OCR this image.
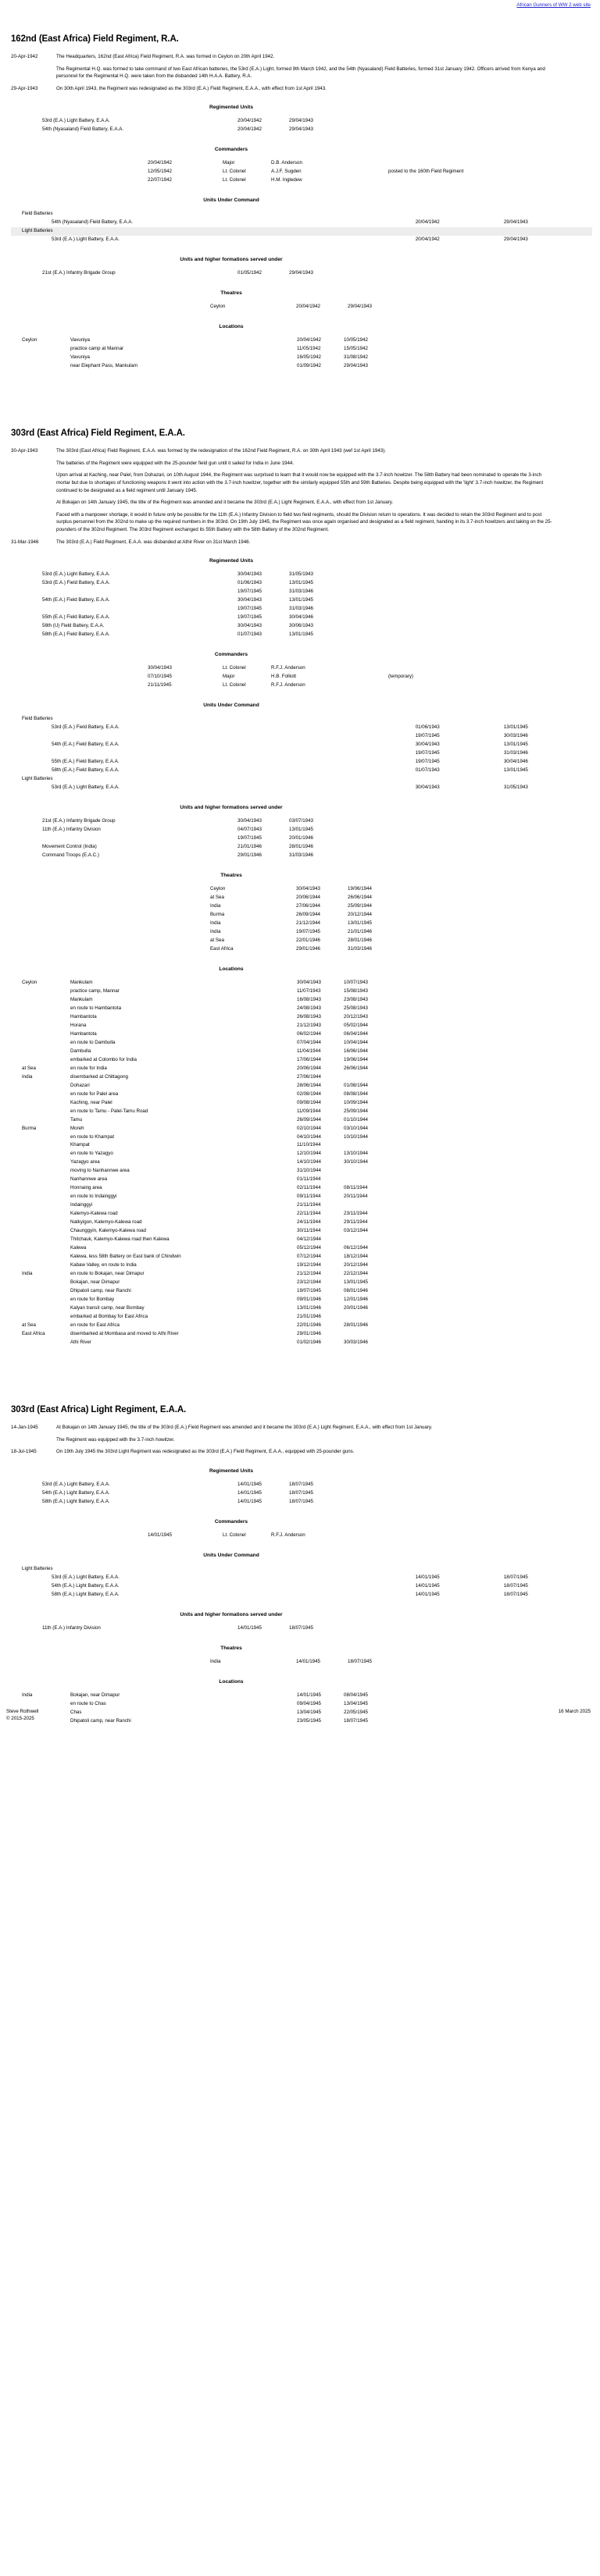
African Gunners of WW 2 web site
162nd (East Africa) Field Regiment, R.A.
20-Apr-1942	The Headquarters, 162nd (East Africa) Field Regiment, R.A. was formed in Ceylon on 20th April 1942.

The Regimental H.Q. was formed to take command of two East African batteries, the 53rd (E.A.) Light, formed 9th March 1942, and the 54th (Nyasaland) Field Batteries, formed 31st January 1942. Officers arrived from Kenya and personnel for the Regimental H.Q. were taken from the disbanded 14th H.A.A. Battery, R.A.

29-Apr-1943	On 30th April 1943, the Regiment was redesignated as the 303rd (E.A.) Field Regiment, E.A.A., with effect from 1st April 1943.

Regimented Units
53rd (E.A.) Light Battery, E.A.A.	20/04/1942	29/04/1943
54th (Nyasaland) Field Battery, E.A.A.	20/04/1942	29/04/1943
Commanders
20/04/1942	Major	D.B. Anderson	
12/05/1942	Lt. Colonel	A.J.F. Sugden	posted to the 160th Field Regiment
22/07/1942	Lt. Colonel	H.M. Ingledew	
Units Under Command
Field Batteries		
54th (Nyasaland) Field Battery, E.A.A.	20/04/1942	29/04/1943
Light Batteries		
53rd (E.A.) Light Battery, E.A.A.	20/04/1942	29/04/1943
Units and higher formations served under
21st (E.A.) Infantry Brigade Group	01/05/1942	29/04/1943
Theatres
Ceylon	20/04/1942	29/04/1943
Locations
Ceylon	Vavuniya	20/04/1942	10/05/1942
	practice camp at Mannar	11/05/1942	15/05/1942
	Vavuniya	16/05/1942	31/08/1942
	near Elephant Pass, Mankulam	01/09/1942	29/04/1943
303rd (East Africa) Field Regiment, E.A.A.
30-Apr-1943	The 303rd (East Africa) Field Regiment, E.A.A. was formed by the redesignation of the 162nd Field Regiment, R.A. on 30th April 1943 (wef 1st April 1943).

The batteries of the Regiment were equipped with the 25-pounder field gun until it sailed for India in June 1944.

Upon arrival at Kaching, near Palel, from Dohazari, on 10th August 1944, the Regiment was surprised to learn that it would now be equipped with the 3.7-inch howitzer. The 58th Battery had been nominated to operate the 3-inch mortar but due to shortages of functioning weapons it went into action with the 3.7-inch howitzer, together with the similarly equipped 55th and 59th Batteries. Despite being equipped with the 'light' 3.7-inch howitzer, the Regiment continued to be designated as a field regiment until January 1945.

At Bokajan on 14th January 1945, the title of the Regiment was amended and it became the 303rd (E.A.) Light Regiment, E.A.A., with effect from 1st January.

Faced with a manpower shortage, it would in future only be possible for the 11th (E.A.) Infantry Division to field two field regiments, should the Division return to operations. It was decided to retain the 303rd Regiment and to post surplus personnel from the 302nd to make up the required numbers in the 303rd. On 19th July 1945, the Regiment was once again organised and designated as a field regiment, handing in its 3.7-inch howitzers and taking on the 25-pounders of the 302nd Regiment. The 303rd Regiment exchanged its 55th Battery with the 58th Battery of the 302nd Regiment.

31-Mar-1946	The 303rd (E.A.) Field Regiment, E.A.A. was disbanded at Athir River on 31st March 1946.

Regimented Units
53rd (E.A.) Light Battery, E.A.A.	30/04/1943	31/05/1943
53rd (E.A.) Field Battery, E.A.A.	01/06/1943	13/01/1945
	19/07/1945	31/03/1946
54th (E.A.) Field Battery, E.A.A.	30/04/1943	13/01/1945
	19/07/1945	31/03/1946
55th (E.A.) Field Battery, E.A.A.	19/07/1945	30/04/1946
58th (U) Field Battery, E.A.A.	30/04/1943	30/06/1943
58th (E.A.) Field Battery, E.A.A.	01/07/1943	13/01/1945
Commanders
30/04/1943	Lt. Colonel	R.F.J. Anderson	
07/10/1945	Major	H.B. Folliott	(temporary)
21/11/1945	Lt. Colonel	R.F.J. Anderson	
Units Under Command
Field Batteries		
53rd (E.A.) Field Battery, E.A.A.	01/06/1943	13/01/1945
	19/07/1945	30/03/1946
54th (E.A.) Field Battery, E.A.A.	30/04/1943	13/01/1945
	19/07/1945	31/03/1946
55th (E.A.) Field Battery, E.A.A.	19/07/1945	30/04/1946
58th (E.A.) Field Battery, E.A.A.	01/07/1943	13/01/1945
Light Batteries		
53rd (E.A.) Light Battery, E.A.A.	30/04/1943	31/05/1943
Units and higher formations served under
21st (E.A.) Infantry Brigade Group	30/04/1943	03/07/1943
11th (E.A.) Infantry Division	04/07/1943	13/01/1945
	19/07/1945	20/01/1946
Movement Control (India)	21/01/1946	28/01/1946
Command Troops (E.A.C.)	29/01/1946	31/03/1946
Theatres
Ceylon	30/04/1943	19/06/1944
at Sea	20/06/1944	26/06/1944
India	27/06/1944	25/09/1944
Burma	26/09/1944	20/12/1944
India	21/12/1944	13/01/1945
India	19/07/1945	21/01/1946
at Sea	22/01/1946	28/01/1946
East Africa	29/01/1946	31/03/1946
Locations
Ceylon	Mankulam	30/04/1943	10/07/1943
	practice camp, Mannar	11/07/1943	15/08/1943
	Mankulam	16/08/1943	23/08/1943
	en route to Hambantota	24/08/1943	25/08/1943
	Hambantota	26/08/1943	20/12/1943
	Horana	21/12/1943	05/02/1944
	Hambantota	06/02/1944	06/04/1944
	en route to Dambulla	07/04/1944	10/04/1944
	Dambulla	11/04/1944	16/06/1944
	embarked at Colombo for India	17/06/1944	19/06/1944
at Sea	en route for India	20/06/1944	26/06/1944
India	disembarked at Chittagong	27/06/1944	
	Dohazari	28/06/1944	01/08/1944
	en route for Palel area	02/08/1944	08/08/1944
	Kaching, near Palel	09/08/1944	10/09/1944
	en route to Tamu - Palel-Tamu Road	11/09/1944	25/09/1944
	Tamu	26/09/1944	01/10/1944
Burma	Moreh	02/10/1944	03/10/1944
	en route to Khampat	04/10/1944	10/10/1944
	Khampat	11/10/1944	
	en route to Yazagyo	12/10/1944	13/10/1944
	Yazagyo area	14/10/1944	30/10/1944
	moving to Nanhannwe area	31/10/1944	
	Nanhannwe area	01/11/1944	
	Honnaing area	02/11/1944	08/11/1944
	en route to Indainggyi	09/11/1944	20/11/1944
	Indainggyi	21/11/1944	
	Kalemyo-Kalewa road	22/11/1944	23/11/1944
	Natkyigon, Kalemyo-Kalewa road	24/11/1944	29/11/1944
	Chaunggyin, Kalemyo-Kalewa road	30/11/1944	03/12/1944
	Thitchauk, Kalemyo-Kalewa road then Kalewa	04/12/1944	
	Kalewa	05/12/1944	06/12/1944
	Kalewa, less 58th Battery on East bank of Chindwin	07/12/1944	18/12/1944
	Kabaw Valley, en route to India	19/12/1944	20/12/1944
India	en route to Bokajan, near Dimapur	21/12/1944	22/12/1944
	Bokajan, near Dimapur	23/12/1944	13/01/1945
	Dhipatoli camp, near Ranchi	19/07/1945	08/01/1946
	en route for Bombay	09/01/1946	12/01/1946
	Kalyan transit camp, near Bombay	13/01/1946	20/01/1946
	embarked at Bombay for East Africa	21/01/1946	
at Sea	en route for East Africa	22/01/1946	28/01/1946
East Africa	disembarked at Mombasa and moved to Athi River	29/01/1946	
	Athi River	01/02/1946	30/03/1946
303rd (East Africa) Light Regiment, E.A.A.
14-Jan-1945	At Bokajan on 14th January 1945, the title of the 303rd (E.A.) Field Regiment was amended and it became the 303rd (E.A.) Light Regiment, E.A.A., with effect from 1st January.

The Regiment was equipped with the 3.7-inch howitzer.

18-Jul-1945	On 19th July 1945 the 303rd Light Regiment was redesignated as the 303rd (E.A.) Field Regiment, E.A.A., equipped with 25-pounder guns.

Regimented Units
53rd (E.A.) Light Battery, E.A.A.	14/01/1945	18/07/1945
54th (E.A.) Light Battery, E.A.A.	14/01/1945	18/07/1945
58th (E.A.) Light Battery, E.A.A.	14/01/1945	18/07/1945
Commanders
14/01/1945	Lt. Colonel	R.F.J. Anderson	
Units Under Command
Light Batteries		
53rd (E.A.) Light Battery, E.A.A.	14/01/1945	18/07/1945
54th (E.A.) Light Battery, E.A.A.	14/01/1945	18/07/1945
58th (E.A.) Light Battery, E.A.A.	14/01/1945	18/07/1945
Units and higher formations served under
11th (E.A.) Infantry Division	14/01/1945	18/07/1945
Theatres
India	14/01/1945	18/07/1945
Locations
India	Bokajan, near Dimapur	14/01/1945	08/04/1945
	en route to Chas	09/04/1945	13/04/1945
	Chas	13/04/1945	22/05/1945
	Dhipatoli camp, near Ranchi	23/05/1945	18/07/1945
Steve Rothwell
© 2015-2025
16 March 2025
